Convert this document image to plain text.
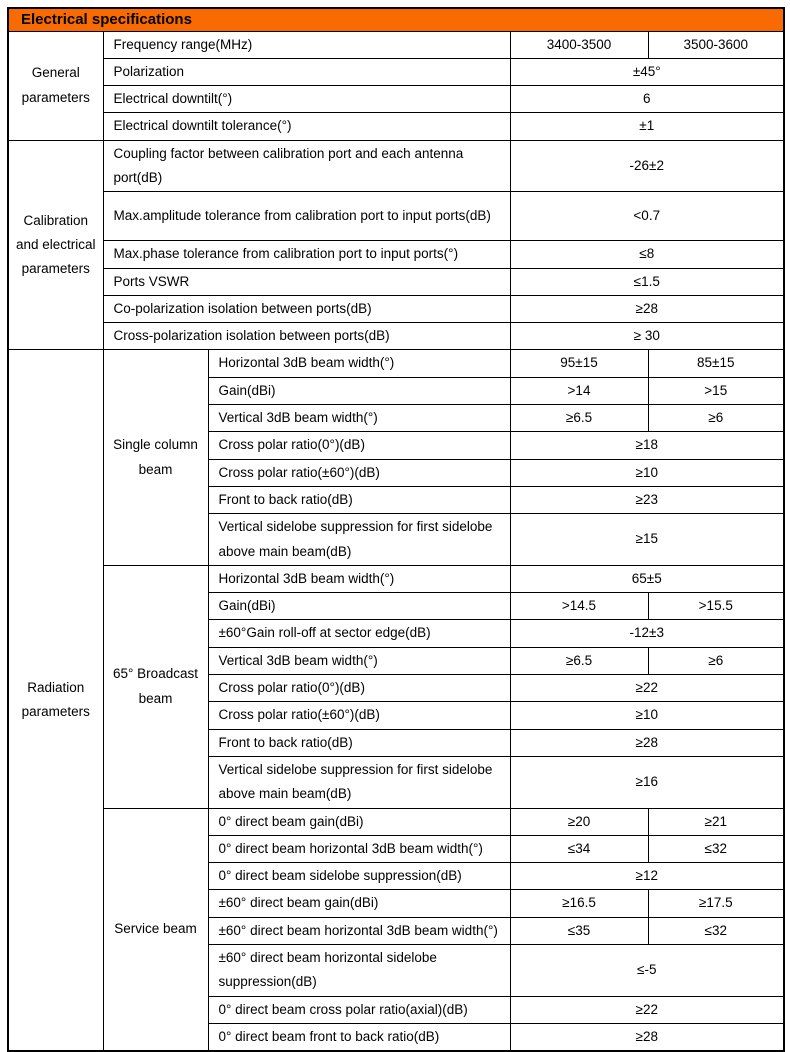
Electrical specifications				
General parameters	Frequency range(MHz)		3400-3500	3500-3600
	Polarization		±45°	
	Electrical downtilt(°)		6	
	Electrical downtilt tolerance(°)		±1	
Calibration and electrical parameters	Coupling factor between calibration port and each antenna port(dB)		-26±2	
	Max.amplitude tolerance from calibration port to input ports(dB)		<0.7	
	Max.phase tolerance from calibration port to input ports(°)		≤8	
	Ports VSWR		≤1.5	
	Co-polarization isolation between ports(dB)		≥28	
	Cross-polarization isolation between ports(dB)		≥ 30	
Radiation parameters	Single column beam	Horizontal 3dB beam width(°)	95±15	85±15
		Gain(dBi)	>14	>15
		Vertical 3dB beam width(°)	≥6.5	≥6
		Cross polar ratio(0°)(dB)	≥18	
		Cross polar ratio(±60°)(dB)	≥10	
		Front to back ratio(dB)	≥23	
		Vertical sidelobe suppression for first sidelobe above main beam(dB)	≥15	
	65° Broadcast beam	Horizontal 3dB beam width(°)	65±5	
		Gain(dBi)	>14.5	>15.5
		±60°Gain roll-off at sector edge(dB)	-12±3	
		Vertical 3dB beam width(°)	≥6.5	≥6
		Cross polar ratio(0°)(dB)	≥22	
		Cross polar ratio(±60°)(dB)	≥10	
		Front to back ratio(dB)	≥28	
		Vertical sidelobe suppression for first sidelobe above main beam(dB)	≥16	
	Service beam	0° direct beam gain(dBi)	≥20	≥21
		0° direct beam horizontal 3dB beam width(°)	≤34	≤32
		0° direct beam sidelobe suppression(dB)	≥12	
		±60° direct beam gain(dBi)	≥16.5	≥17.5
		±60° direct beam horizontal 3dB beam width(°)	≤35	≤32
		±60° direct beam horizontal sidelobe suppression(dB)	≤-5	
		0° direct beam cross polar ratio(axial)(dB)	≥22	
		0° direct beam front to back ratio(dB)	≥28	
